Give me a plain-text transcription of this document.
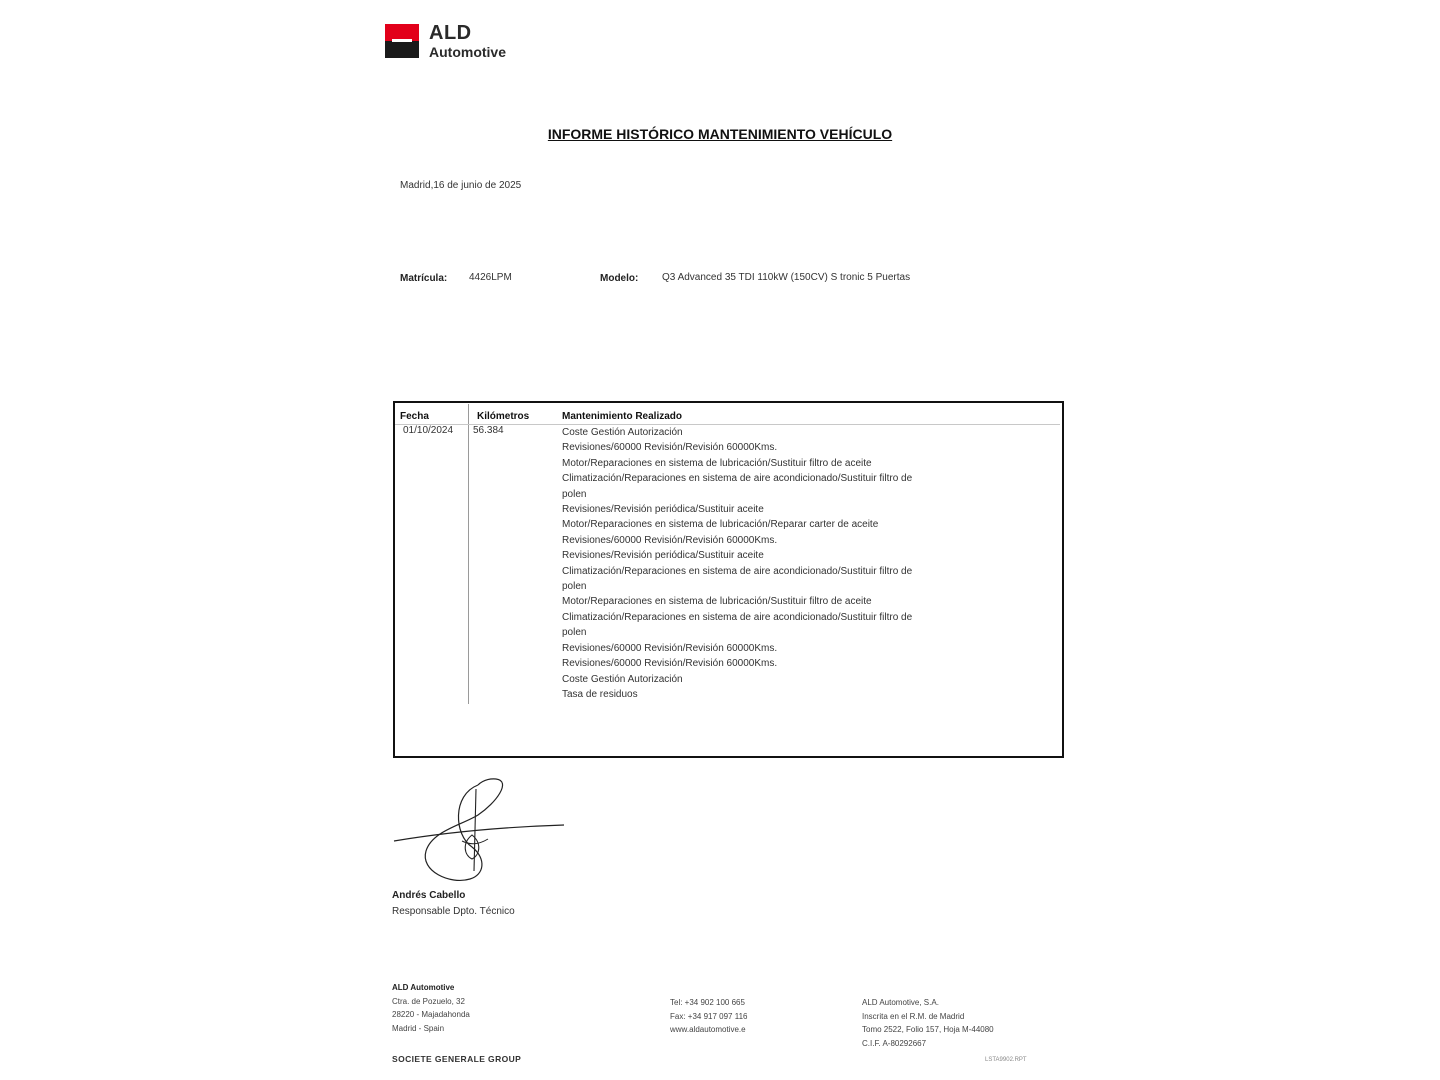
ALD
Automotive
INFORME HISTÓRICO MANTENIMIENTO VEHÍCULO
Madrid,16 de junio de 2025
Matrícula: 4426LPM	Modelo: Q3 Advanced 35 TDI 110kW (150CV) S tronic 5 Puertas
Fecha	Kilómetros	Mantenimiento Realizado
01/10/2024 56.384	Coste Gestión Autorización
Revisiones/60000 Revisión/Revisión 60000Kms.
Motor/Reparaciones en sistema de lubricación/Sustituir filtro de aceite
Climatización/Reparaciones en sistema de aire acondicionado/Sustituir filtro de
polen
Revisiones/Revisión periódica/Sustituir aceite
Motor/Reparaciones en sistema de lubricación/Reparar carter de aceite
Revisiones/60000 Revisión/Revisión 60000Kms.
Revisiones/Revisión periódica/Sustituir aceite
Climatización/Reparaciones en sistema de aire acondicionado/Sustituir filtro de
polen
Motor/Reparaciones en sistema de lubricación/Sustituir filtro de aceite
Climatización/Reparaciones en sistema de aire acondicionado/Sustituir filtro de
polen
Revisiones/60000 Revisión/Revisión 60000Kms.
Revisiones/60000 Revisión/Revisión 60000Kms.
Coste Gestión Autorización
Tasa de residuos
Andrés Cabello
Responsable Dpto. Técnico
ALD Automotive
Ctra. de Pozuelo, 32
28220 - Majadahonda
Madrid - Spain
Tel: +34 902 100 665
Fax: +34 917 097 116
www.aldautomotive.e
ALD Automotive, S.A.
Inscrita en el R.M. de Madrid
Tomo 2522, Folio 157, Hoja M-44080
C.I.F. A-80292667
SOCIETE GENERALE GROUP	LSTA9902.RPT
